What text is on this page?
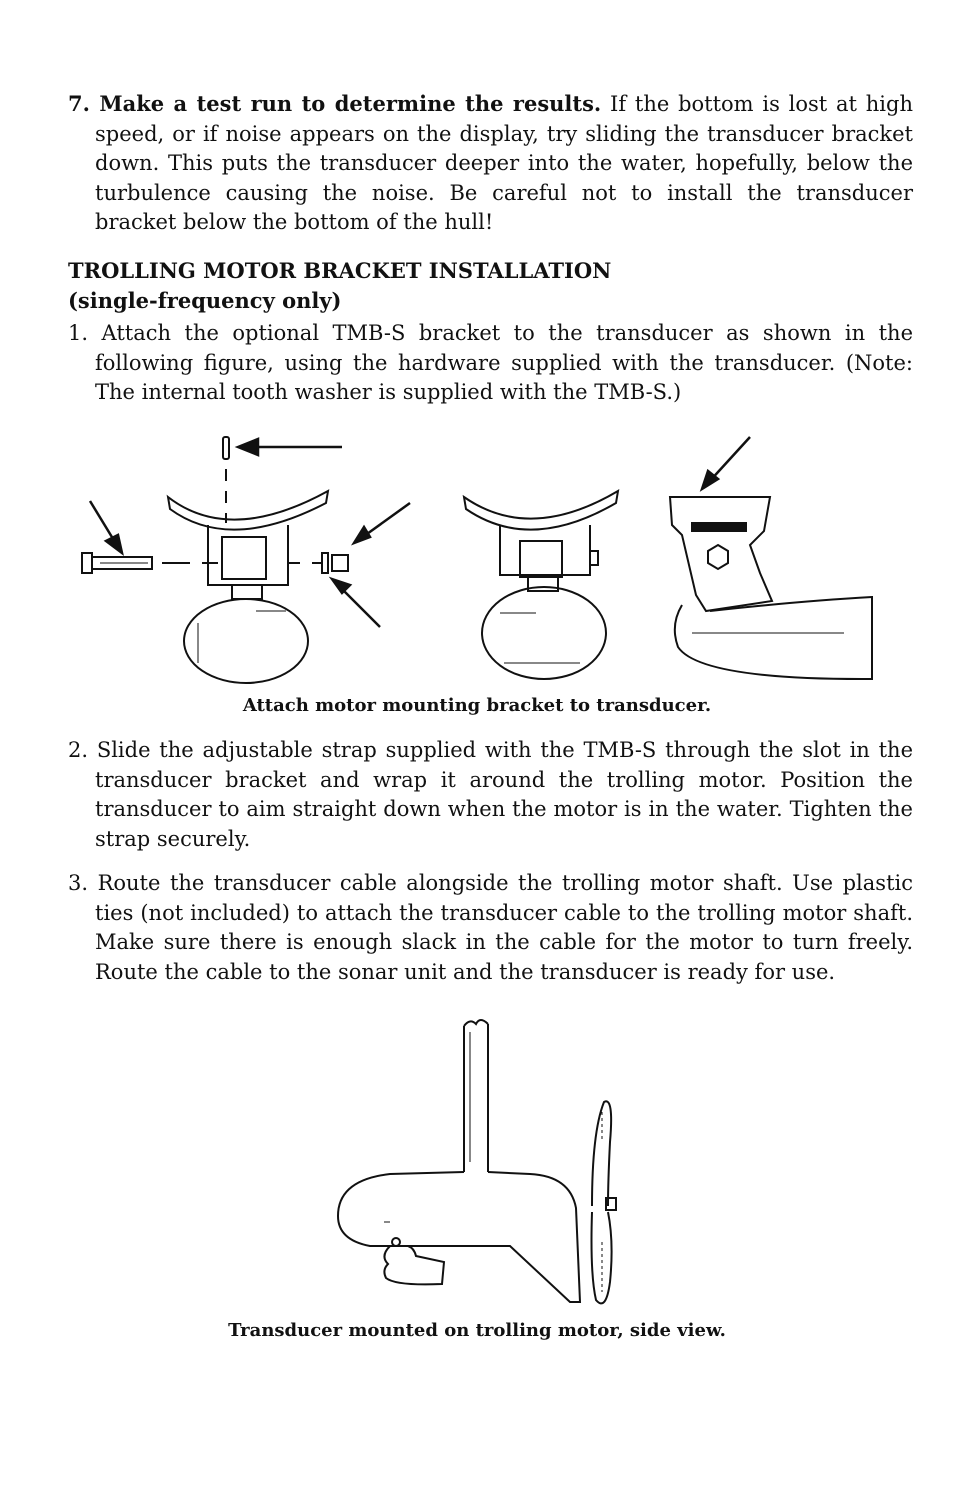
7. Make a test run to determine the results. If the bottom is lost at high speed, or if noise appears on the display, try sliding the transducer bracket down. This puts the transducer deeper into the water, hopefully, below the turbulence causing the noise. Be careful not to install the transducer bracket below the bottom of the hull!
TROLLING MOTOR BRACKET INSTALLATION
(single-frequency only)
1. Attach the optional TMB-S bracket to the transducer as shown in the following figure, using the hardware supplied with the transducer. (Note: The internal tooth washer is supplied with the TMB-S.)
Attach motor mounting bracket to transducer.
2. Slide the adjustable strap supplied with the TMB-S through the slot in the transducer bracket and wrap it around the trolling motor. Position the transducer to aim straight down when the motor is in the water. Tighten the strap securely.
3. Route the transducer cable alongside the trolling motor shaft. Use plastic ties (not included) to attach the transducer cable to the trolling motor shaft. Make sure there is enough slack in the cable for the motor to turn freely. Route the cable to the sonar unit and the transducer is ready for use.
Transducer mounted on trolling motor, side view.
